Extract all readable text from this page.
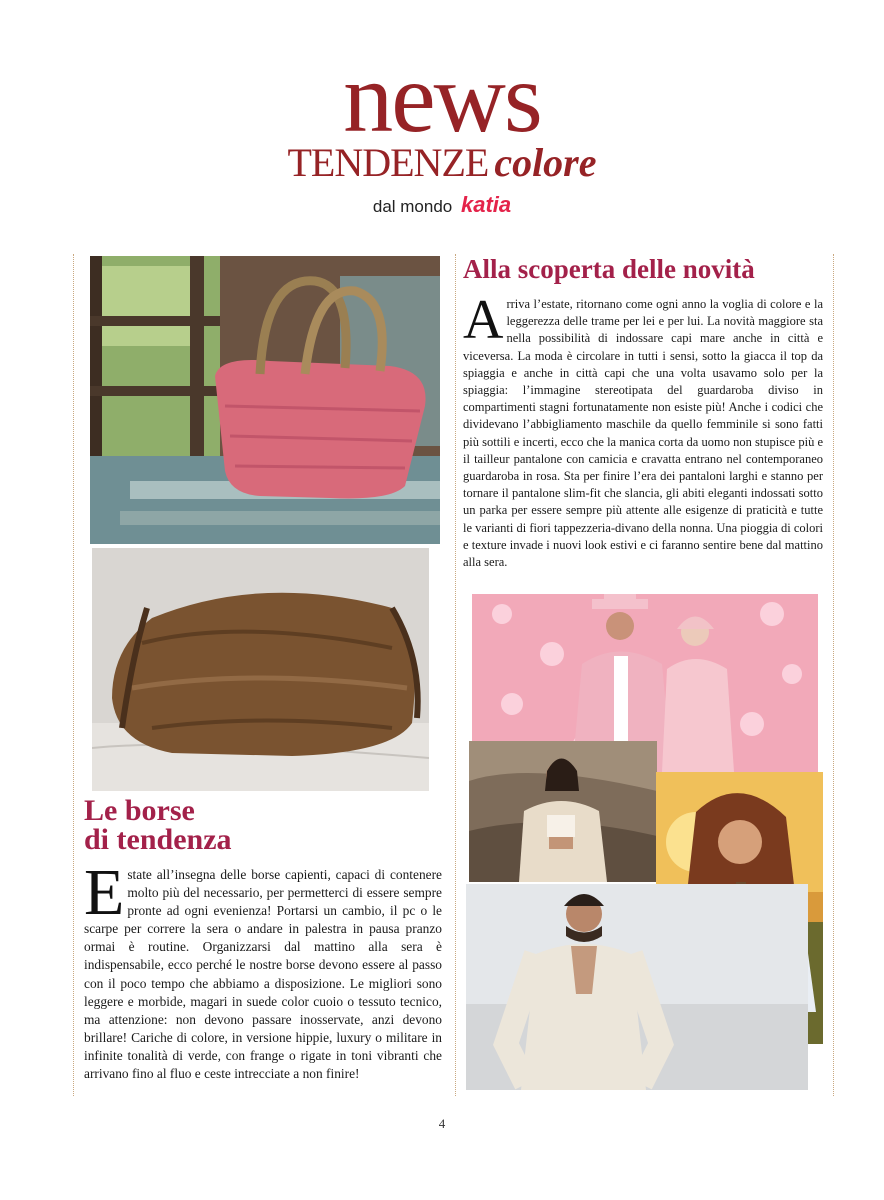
news
TENDENZE colore
dal mondo katia
Le borse
di tendenza
Estate all’insegna delle borse capienti, capaci di contenere molto più del necessario, per permetterci di essere sempre pronte ad ogni evenienza! Portarsi un cambio, il pc o le scarpe per correre la sera o andare in palestra in pausa pranzo ormai è routine. Organizzarsi dal mattino alla sera è indispensabile, ecco perché le nostre borse devono essere al passo con il poco tempo che abbiamo a disposizione. Le migliori sono leggere e morbide, magari in suede color cuoio o tessuto tecnico, ma attenzione: non devono passare inosservate, anzi devono brillare! Cariche di colore, in versione hippie, luxury o militare in infinite tonalità di verde, con frange o rigate in toni vibranti che arrivano fino al fluo e ceste intrecciate a non finire!
Alla scoperta delle novità
Arriva l’estate, ritornano come ogni anno la voglia di colore e la leggerezza delle trame per lei e per lui. La novità maggiore sta nella possibilità di indossare capi mare anche in città e viceversa. La moda è circolare in tutti i sensi, sotto la giacca il top da spiaggia e anche in città capi che una volta usavamo solo per la spiaggia: l’immagine stereotipata del guardaroba diviso in compartimenti stagni fortunatamente non esiste più! Anche i codici che dividevano l’abbigliamento maschile da quello femminile si sono fatti più sottili e incerti, ecco che la manica corta da uomo non stupisce più e il tailleur pantalone con camicia e cravatta entrano nel contemporaneo guardaroba in rosa. Sta per finire l’era dei pantaloni larghi e stanno per tornare il pantalone slim-fit che slancia, gli abiti eleganti indossati sotto un parka per essere sempre più attente alle esigenze di praticità e tutte le varianti di fiori tappezzeria-divano della nonna. Una pioggia di colori e texture invade i nuovi look estivi e ci faranno sentire bene dal mattino alla sera.
4
